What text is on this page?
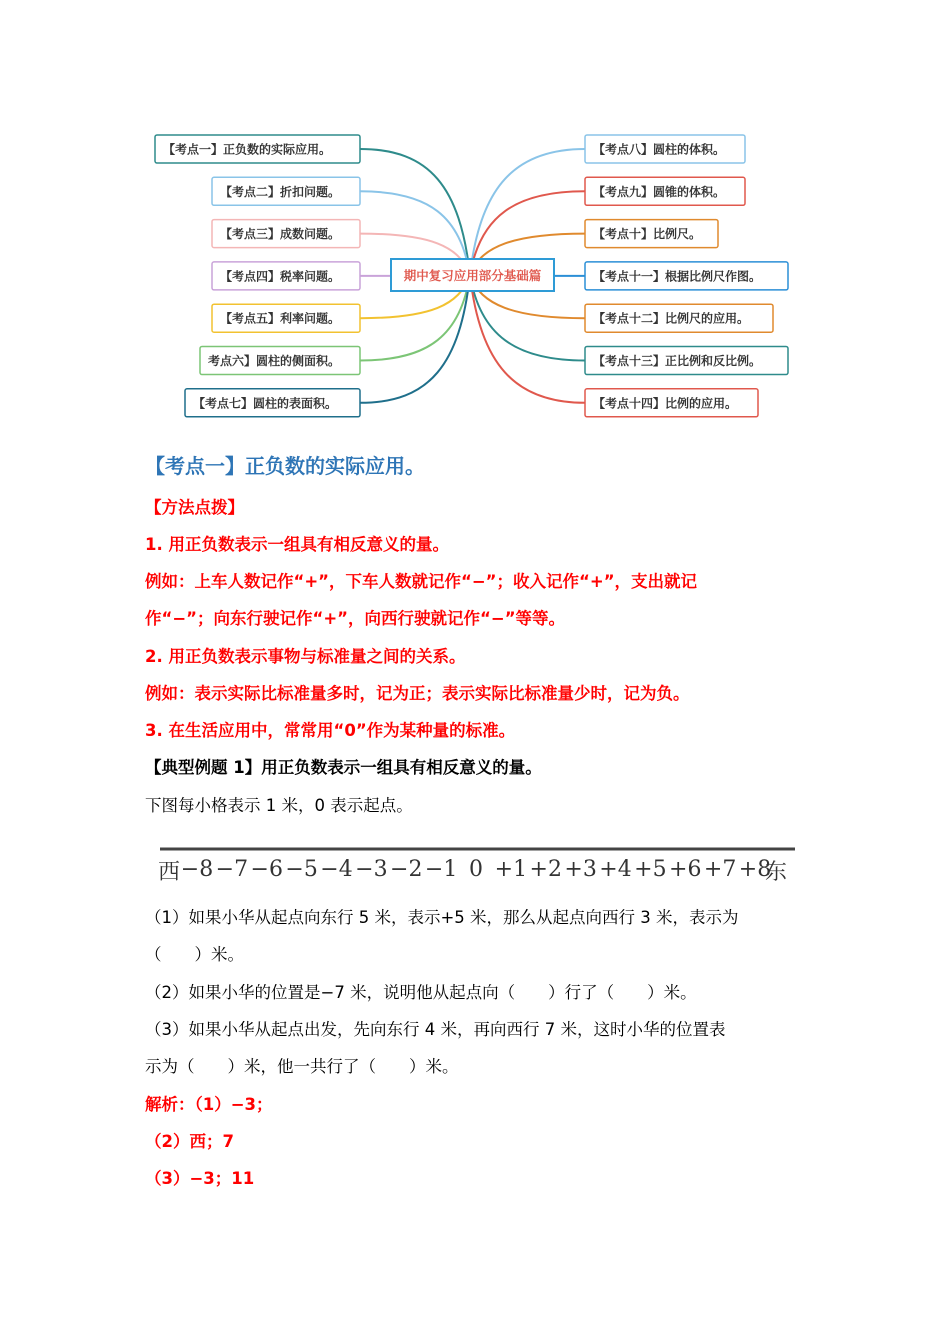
【考点一】正负数的实际应用。
【考点二】折扣问题。
【考点三】成数问题。
【考点四】税率问题。
【考点五】利率问题。
考点六】圆柱的侧面积。
【考点七】圆柱的表面积。
【考点八】圆柱的体积。
【考点九】圆锥的体积。
【考点十】比例尺。
【考点十一】根据比例尺作图。
【考点十二】比例尺的应用。
【考点十三】正比例和反比例。
【考点十四】比例的应用。
期中复习应用部分基础篇
【考点一】正负数的实际应用。
【方法点拨】
1. 用正负数表示一组具有相反意义的量。
例如：上车人数记作“+”，下车人数就记作“−”；收入记作“+”，支出就记
作“−”；向东行驶记作“+”，向西行驶就记作“−”等等。
2. 用正负数表示事物与标准量之间的关系。
例如：表示实际比标准量多时，记为正；表示实际比标准量少时，记为负。
3. 在生活应用中，常常用“0”作为某种量的标准。
【典型例题 1】用正负数表示一组具有相反意义的量。
下图每小格表示 1 米，0 表示起点。
西	东
−8 −7 −6 −5 −4 −3 −2 −1 0 +1 +2 +3 +4 +5 +6 +7 +8
（1）如果小华从起点向东行 5 米，表示+5 米，那么从起点向西行 3 米，表示为
（　　）米。
（2）如果小华的位置是−7 米，说明他从起点向（　　）行了（　　）米。
（3）如果小华从起点出发，先向东行 4 米，再向西行 7 米，这时小华的位置表
示为（　　）米，他一共行了（　　）米。
解析：（1）−3；
（2）西；7
（3）−3；11
